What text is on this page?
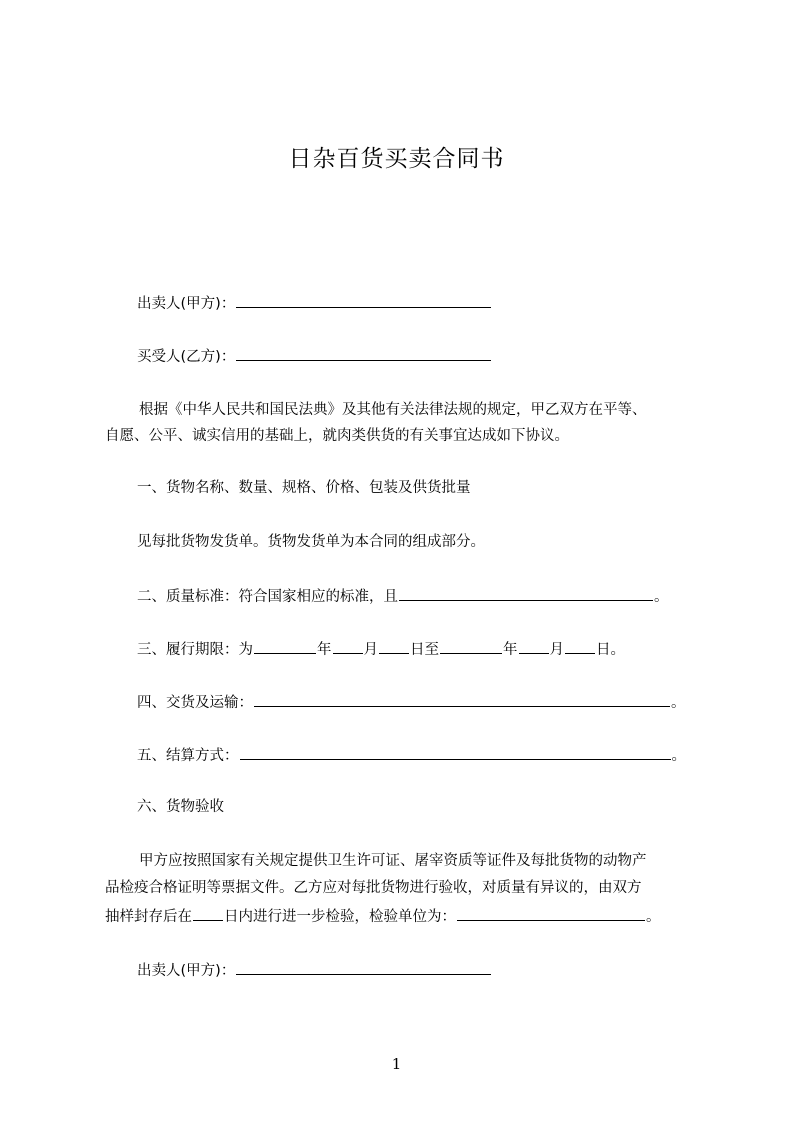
日杂百货买卖合同书
出卖人(甲方)：
买受人(乙方)：
根据《中华人民共和国民法典》及其他有关法律法规的规定，甲乙双方在平等、
自愿、公平、诚实信用的基础上，就肉类供货的有关事宜达成如下协议。
一、货物名称、数量、规格、价格、包装及供货批量
见每批货物发货单。货物发货单为本合同的组成部分。
二、质量标准：符合国家相应的标准，且	。
三、履行期限：为	年 月 日至	年 月 日。
四、交货及运输：	。
五、结算方式：	。
六、货物验收
甲方应按照国家有关规定提供卫生许可证、屠宰资质等证件及每批货物的动物产
品检疫合格证明等票据文件。乙方应对每批货物进行验收，对质量有异议的，由双方
抽样封存后在 日内进行进一步检验，检验单位为：	。
出卖人(甲方)：
1
